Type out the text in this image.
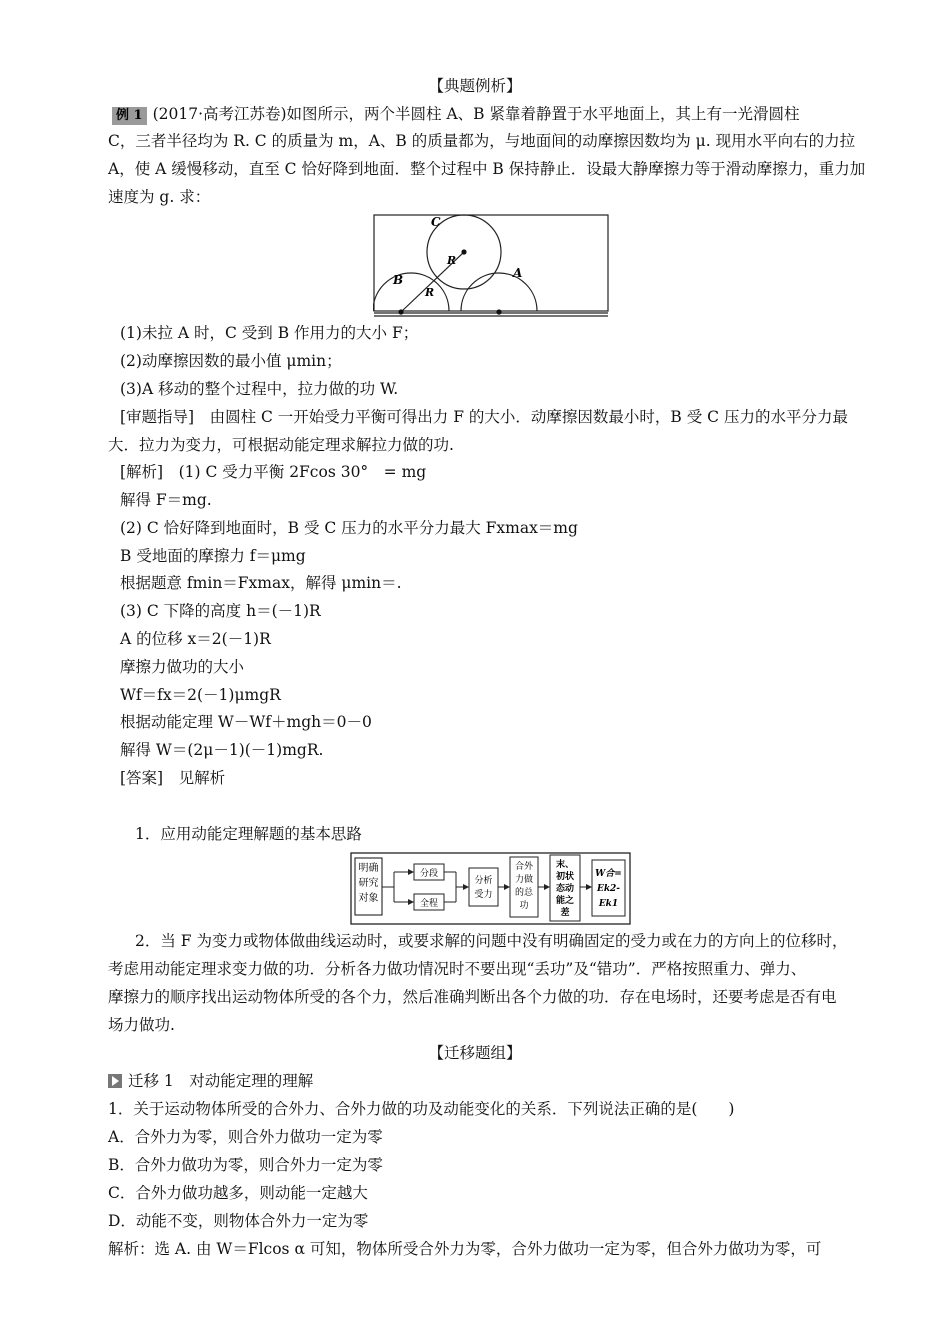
【典题例析】
例 1 (2017·高考江苏卷)如图所示，两个半圆柱 A、B 紧靠着静置于水平地面上，其上有一光滑圆柱
C，三者半径均为 R. C 的质量为 m，A、B 的质量都为，与地面间的动摩擦因数均为 μ. 现用水平向右的力拉
A，使 A 缓慢移动，直至 C 恰好降到地面．整个过程中 B 保持静止．设最大静摩擦力等于滑动摩擦力，重力加
速度为 g. 求：
C
A
B
R
R
(1)未拉 A 时，C 受到 B 作用力的大小 F；
(2)动摩擦因数的最小值 μmin；
(3)A 移动的整个过程中，拉力做的功 W.
[审题指导]　由圆柱 C 一开始受力平衡可得出力 F 的大小．动摩擦因数最小时，B 受 C 压力的水平分力最
大．拉力为变力，可根据动能定理求解拉力做的功.
[解析]　(1) C 受力平衡 2Fcos 30°　= mg
解得 F＝mg.
(2) C 恰好降到地面时，B 受 C 压力的水平分力最大 Fxmax＝mg
B 受地面的摩擦力 f＝μmg
根据题意 fmin＝Fxmax，解得 μmin＝.
(3) C 下降的高度 h＝(－1)R
A 的位移 x＝2(－1)R
摩擦力做功的大小
Wf＝fx＝2(－1)μmgR
根据动能定理 W－Wf＋mgh＝0－0
解得 W＝(2μ－1)(－1)mgR.
[答案]　见解析
1．应用动能定理解题的基本思路
明确
研究
对象
分段
全程
分析
受力
合外
力做
的总
功
末、
初状
态动
能之
差
W合=
Ek2-
Ek1
2．当 F 为变力或物体做曲线运动时，或要求解的问题中没有明确固定的受力或在力的方向上的位移时，
考虑用动能定理求变力做的功．分析各力做功情况时不要出现“丢功”及“错功”．严格按照重力、弹力、
摩擦力的顺序找出运动物体所受的各个力，然后准确判断出各个力做的功．存在电场时，还要考虑是否有电
场力做功.
【迁移题组】
迁移 1　对动能定理的理解
1．关于运动物体所受的合外力、合外力做的功及动能变化的关系．下列说法正确的是(　　)
A．合外力为零，则合外力做功一定为零
B．合外力做功为零，则合外力一定为零
C．合外力做功越多，则动能一定越大
D．动能不变，则物体合外力一定为零
解析：选 A. 由 W＝Flcos α 可知，物体所受合外力为零，合外力做功一定为零，但合外力做功为零，可
